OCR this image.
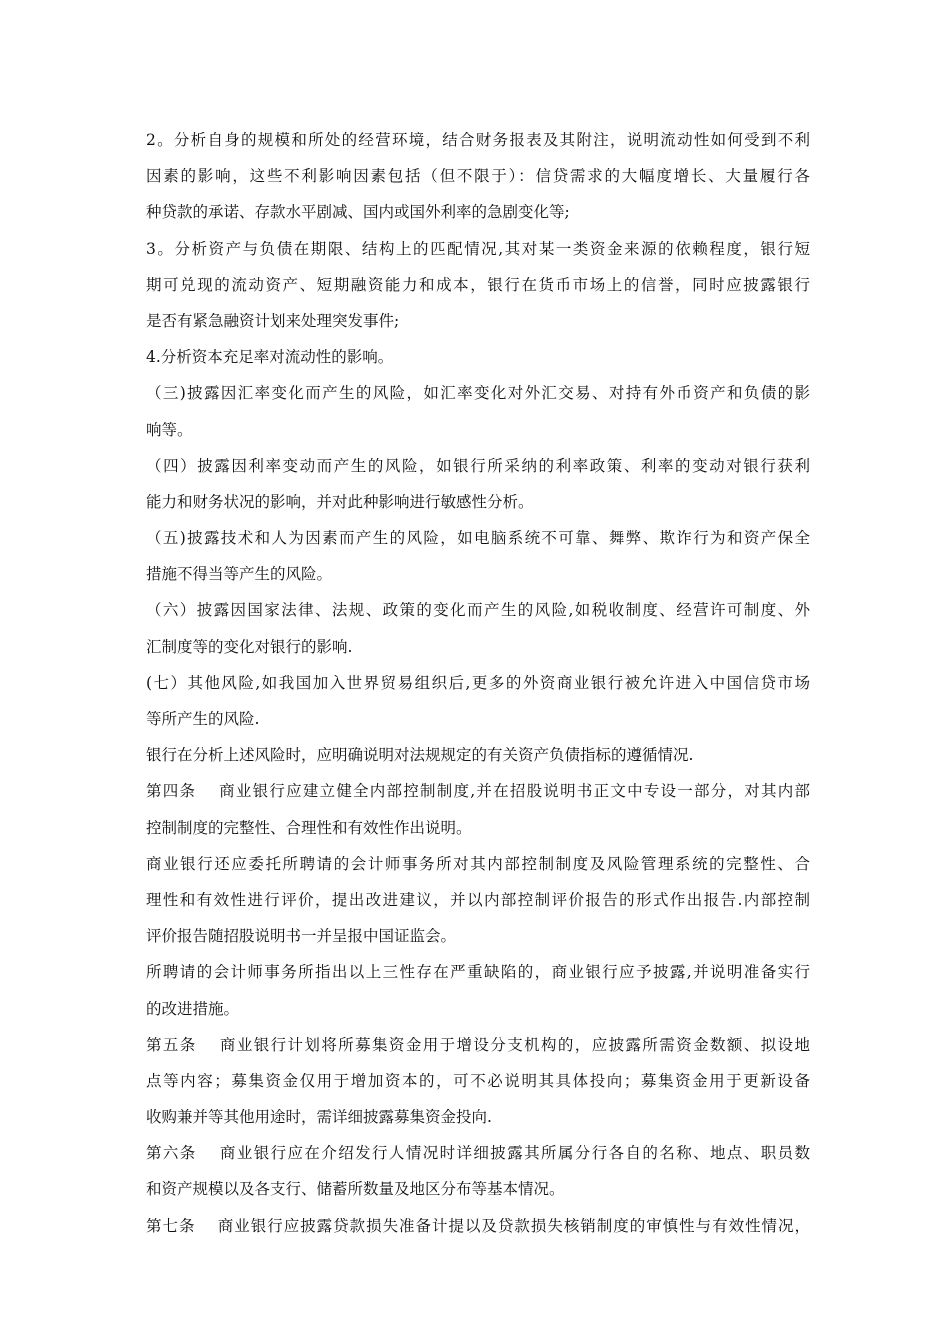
2。分析自身的规模和所处的经营环境，结合财务报表及其附注，说明流动性如何受到不利
因素的影响，这些不利影响因素包括（但不限于）：信贷需求的大幅度增长、大量履行各
种贷款的承诺、存款水平剧减、国内或国外利率的急剧变化等;
3。分析资产与负债在期限、结构上的匹配情况,其对某一类资金来源的依赖程度，银行短
期可兑现的流动资产、短期融资能力和成本，银行在货币市场上的信誉，同时应披露银行
是否有紧急融资计划来处理突发事件;
4.分析资本充足率对流动性的影响。
（三)披露因汇率变化而产生的风险，如汇率变化对外汇交易、对持有外币资产和负债的影
响等。
（四）披露因利率变动而产生的风险，如银行所采纳的利率政策、利率的变动对银行获利
能力和财务状况的影响，并对此种影响进行敏感性分析。
（五)披露技术和人为因素而产生的风险，如电脑系统不可靠、舞弊、欺诈行为和资产保全
措施不得当等产生的风险。
（六）披露因国家法律、法规、政策的变化而产生的风险,如税收制度、经营许可制度、外
汇制度等的变化对银行的影响.
(七）其他风险,如我国加入世界贸易组织后,更多的外资商业银行被允许进入中国信贷市场
等所产生的风险.
银行在分析上述风险时，应明确说明对法规规定的有关资产负债指标的遵循情况.
第四条　 商业银行应建立健全内部控制制度,并在招股说明书正文中专设一部分，对其内部
控制制度的完整性、合理性和有效性作出说明。
商业银行还应委托所聘请的会计师事务所对其内部控制制度及风险管理系统的完整性、合
理性和有效性进行评价，提出改进建议，并以内部控制评价报告的形式作出报告.内部控制
评价报告随招股说明书一并呈报中国证监会。
所聘请的会计师事务所指出以上三性存在严重缺陷的，商业银行应予披露,并说明准备实行
的改进措施。
第五条　 商业银行计划将所募集资金用于增设分支机构的，应披露所需资金数额、拟设地
点等内容；募集资金仅用于增加资本的，可不必说明其具体投向；募集资金用于更新设备
收购兼并等其他用途时，需详细披露募集资金投向.
第六条　 商业银行应在介绍发行人情况时详细披露其所属分行各自的名称、地点、职员数
和资产规模以及各支行、储蓄所数量及地区分布等基本情况。
第七条　 商业银行应披露贷款损失准备计提以及贷款损失核销制度的审慎性与有效性情况，
